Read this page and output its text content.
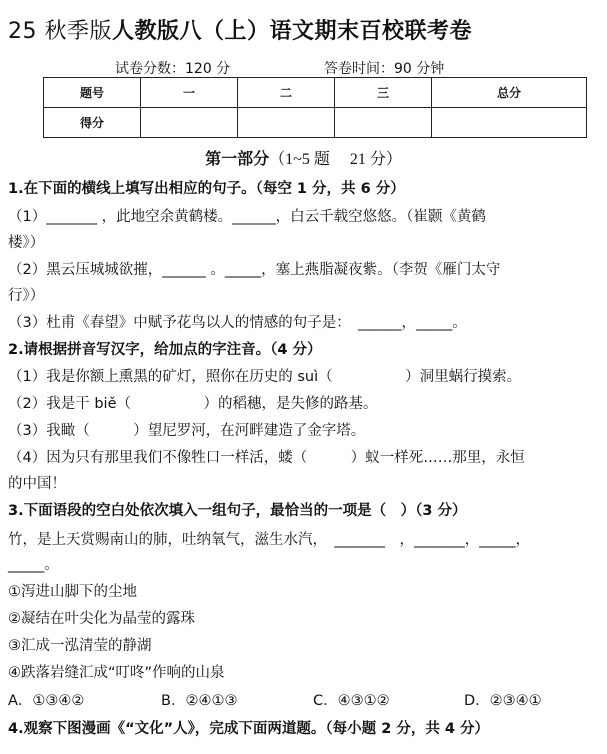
25 秋季版人教版八（上）语文期末百校联考卷
试卷分数：120 分	答卷时间：90 分钟
题号	一	二	三	总分
得分				
第一部分（1~5 题　 21 分）
1.在下面的横线上填写出相应的句子。（每空 1 分，共 6 分）
（1）_______ ，此地空余黄鹤楼。______，白云千载空悠悠。（崔颢《黄鹤
楼》）
（2）黑云压城城欲摧，______ 。_____，塞上燕脂凝夜紫。（李贺《雁门太守
行》）
（3）杜甫《春望》中赋予花鸟以人的情感的句子是：　______，_____。
2.请根据拼音写汉字，给加点的字注音。（4 分）
（1）我是你额上熏黑的矿灯，照你在历史的 suì（　　　　　）洞里蜗行摸索。
（2）我是干 biě（　　　　　）的稻穗，是失修的路基。
（3）我瞰（　　　）望尼罗河，在河畔建造了金字塔。
（4）因为只有那里我们不像牲口一样活，蝼（　　　）蚁一样死……那里，永恒
的中国！
3.下面语段的空白处依次填入一组句子，最恰当的一项是（　）（3 分）
竹，是上天赏赐南山的肺，吐纳氧气，滋生水汽，　_______　，_______，_____，
_____。
①泻进山脚下的尘地
②凝结在叶尖化为晶莹的露珠
③汇成一泓清莹的静湖
④跌落岩缝汇成“叮咚”作响的山泉
A．①③④②	B．②④①③	C．④③①②	D．②③④①
4.观察下图漫画《“文化”人》，完成下面两道题。（每小题 2 分，共 4 分）
